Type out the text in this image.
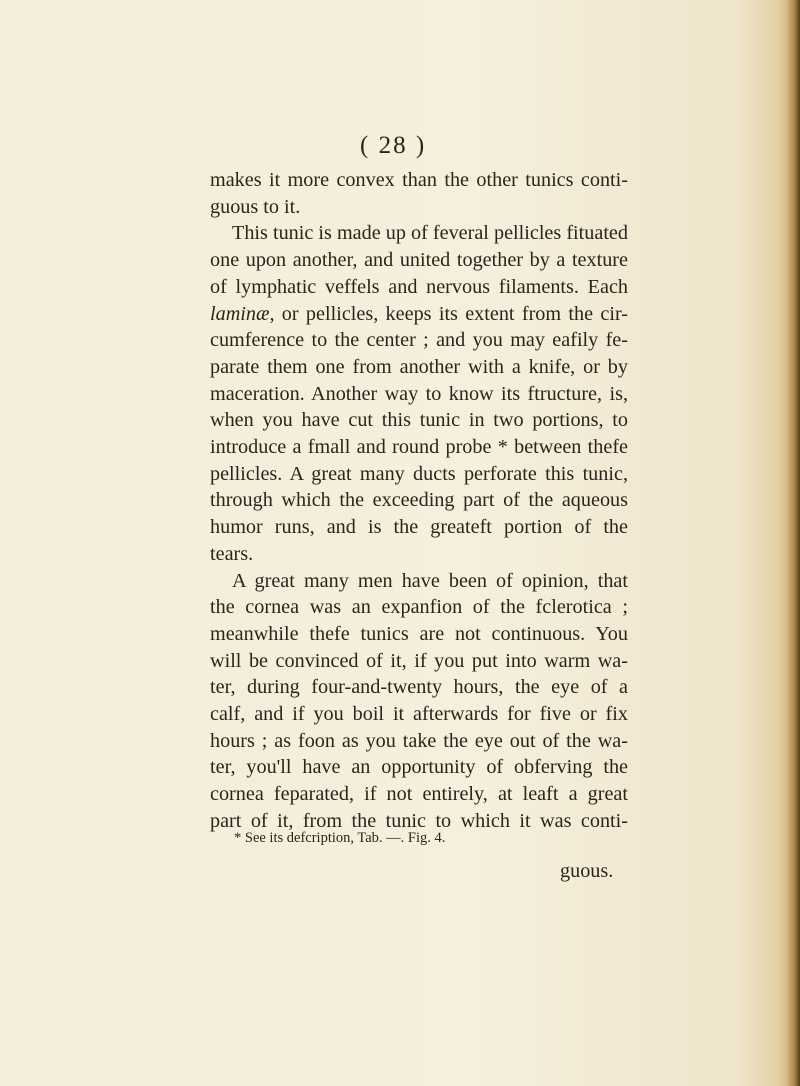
( 28 )
makes it more convex than the other tunics conti-
guous to it.
This tunic is made up of feveral pellicles fituated
one upon another, and united together by a texture
of lymphatic veffels and nervous filaments. Each
laminæ, or pellicles, keeps its extent from the cir-
cumference to the center ; and you may eafily fe-
parate them one from another with a knife, or by
maceration. Another way to know its ftructure, is,
when you have cut this tunic in two portions, to
introduce a fmall and round probe * between thefe
pellicles. A great many ducts perforate this tunic,
through which the exceeding part of the aqueous
humor runs, and is the greateft portion of the
tears.
A great many men have been of opinion, that
the cornea was an expanfion of the fclerotica ;
meanwhile thefe tunics are not continuous. You
will be convinced of it, if you put into warm wa-
ter, during four-and-twenty hours, the eye of a
calf, and if you boil it afterwards for five or fix
hours ; as foon as you take the eye out of the wa-
ter, you'll have an opportunity of obferving the
cornea feparated, if not entirely, at leaft a great
part of it, from the tunic to which it was conti-
* See its defcription, Tab. —. Fig. 4.
guous.
